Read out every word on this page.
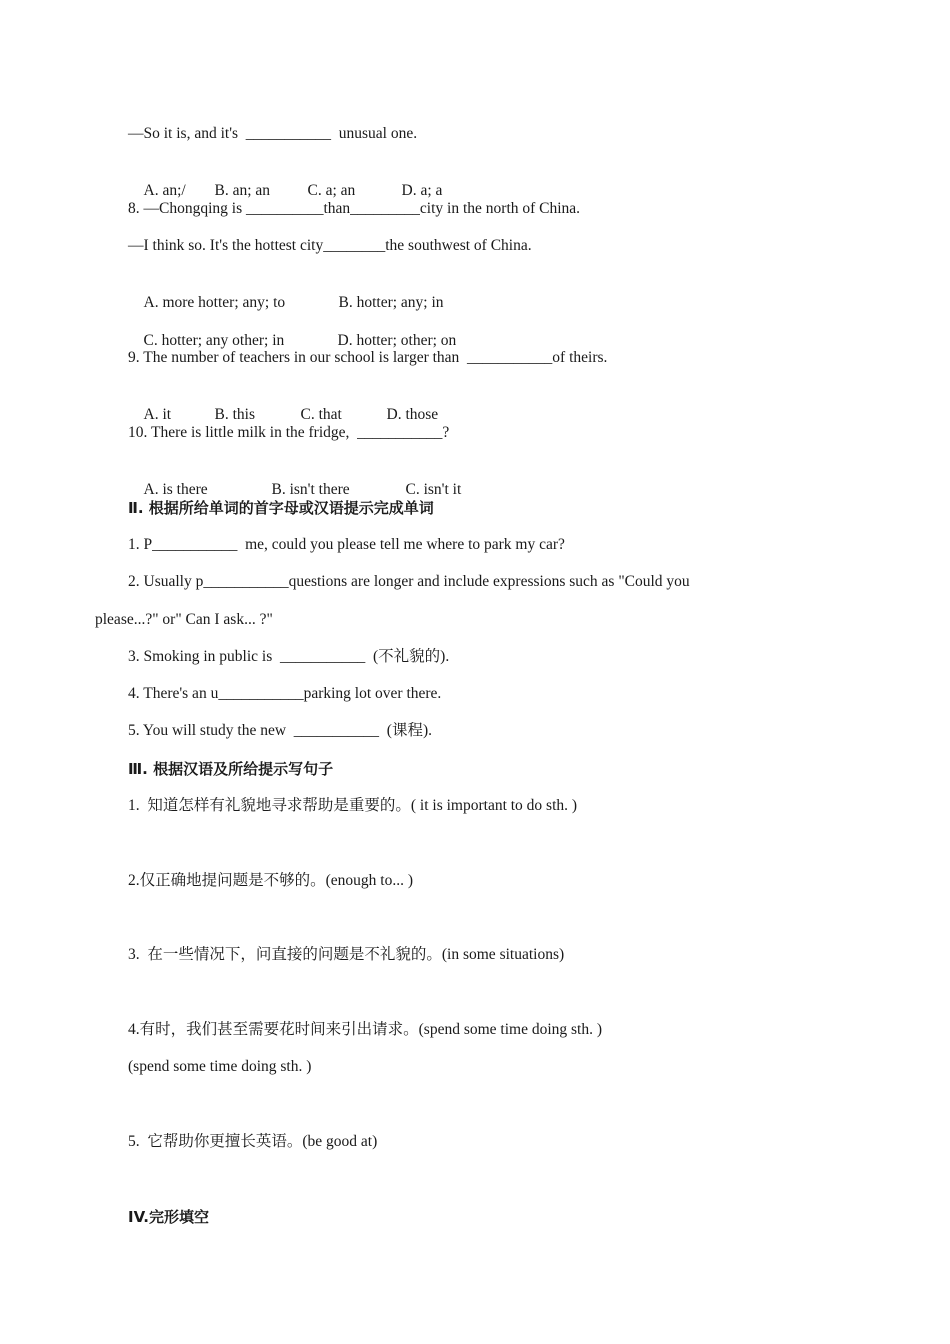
—So it is, and it's  ___________  unusual one.

A. an;/ B. an; an C. a; an	D. a; a

8. —Chongqing is __________than_________city in the north of China.
—I think so. It's the hottest city________the southwest of China.

A. more hotter; any; to	B. hotter; any; in

C. hotter; any other; in	D. hotter; other; on

9. The number of teachers in our school is larger than  ___________of theirs.

A. it	B. this	C. that	D. those

10. There is little milk in the fridge,  ___________?

A. is there	B. isn't there	C. isn't it

Ⅱ. 根据所给单词的首字母或汉语提示完成单词
1. P___________  me, could you please tell me where to park my car?
2. Usually p___________questions are longer and include expressions such as "Could you
please...?" or" Can I ask... ?"
3. Smoking in public is  ___________  (不礼貌的).
4. There's an u___________parking lot over there.
5. You will study the new  ___________  (课程).
Ⅲ. 根据汉语及所给提示写句子
1.  知道怎样有礼貌地寻求帮助是重要的。( it is important to do sth. )
2.仅正确地提问题是不够的。(enough to... )
3.  在一些情况下，问直接的问题是不礼貌的。(in some situations)
4.有时，我们甚至需要花时间来引出请求。(spend some time doing sth. )
(spend some time doing sth. )
5.  它帮助你更擅长英语。(be good at)
IV.完形填空
